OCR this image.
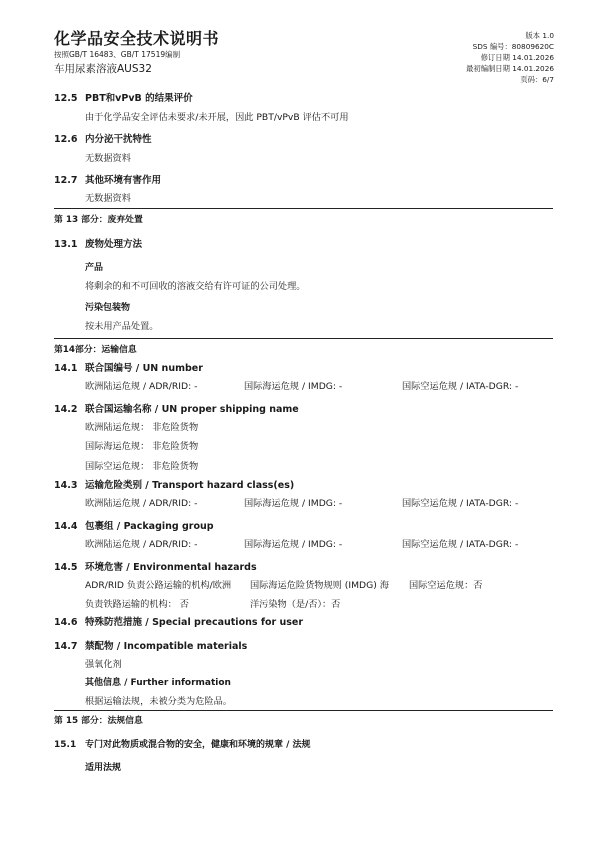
化学品安全技术说明书
按照GB/T 16483、GB/T 17519编制
车用尿素溶液AUS32
版本 1.0
SDS 编号：80809620C
修订日期 14.01.2026
最初编制日期 14.01.2026
页码：6/7
12.5 PBT和vPvB 的结果评价
由于化学品安全评估未要求/未开展，因此 PBT/vPvB 评估不可用
12.6 内分泌干扰特性
无数据资料
12.7 其他环境有害作用
无数据资料
第 13 部分：废弃处置
13.1 废物处理方法
产品
将剩余的和不可回收的溶液交给有许可证的公司处理。
污染包装物
按未用产品处置。
第14部分：运输信息
14.1 联合国编号 / UN number
欧洲陆运危规 / ADR/RID: -	国际海运危规 / IMDG: -	国际空运危规 / IATA-DGR: -
14.2 联合国运输名称 / UN proper shipping name
欧洲陆运危规： 非危险货物
国际海运危规： 非危险货物
国际空运危规： 非危险货物
14.3 运输危险类别 / Transport hazard class(es)
欧洲陆运危规 / ADR/RID: -	国际海运危规 / IMDG: -	国际空运危规 / IATA-DGR: -
14.4 包裹组 / Packaging group
欧洲陆运危规 / ADR/RID: -	国际海运危规 / IMDG: -	国际空运危规 / IATA-DGR: -
14.5 环境危害 / Environmental hazards
ADR/RID 负责公路运输的机构/欧洲 国际海运危险货物规则 (IMDG) 海 国际空运危规：否
负责铁路运输的机构： 否	洋污染物（是/否）：否
14.6 特殊防范措施 / Special precautions for user
14.7 禁配物 / Incompatible materials
强氧化剂
其他信息 / Further information
根据运输法规，未被分类为危险品。
第 15 部分：法规信息
15.1 专门对此物质或混合物的安全，健康和环境的规章 / 法规
适用法规
